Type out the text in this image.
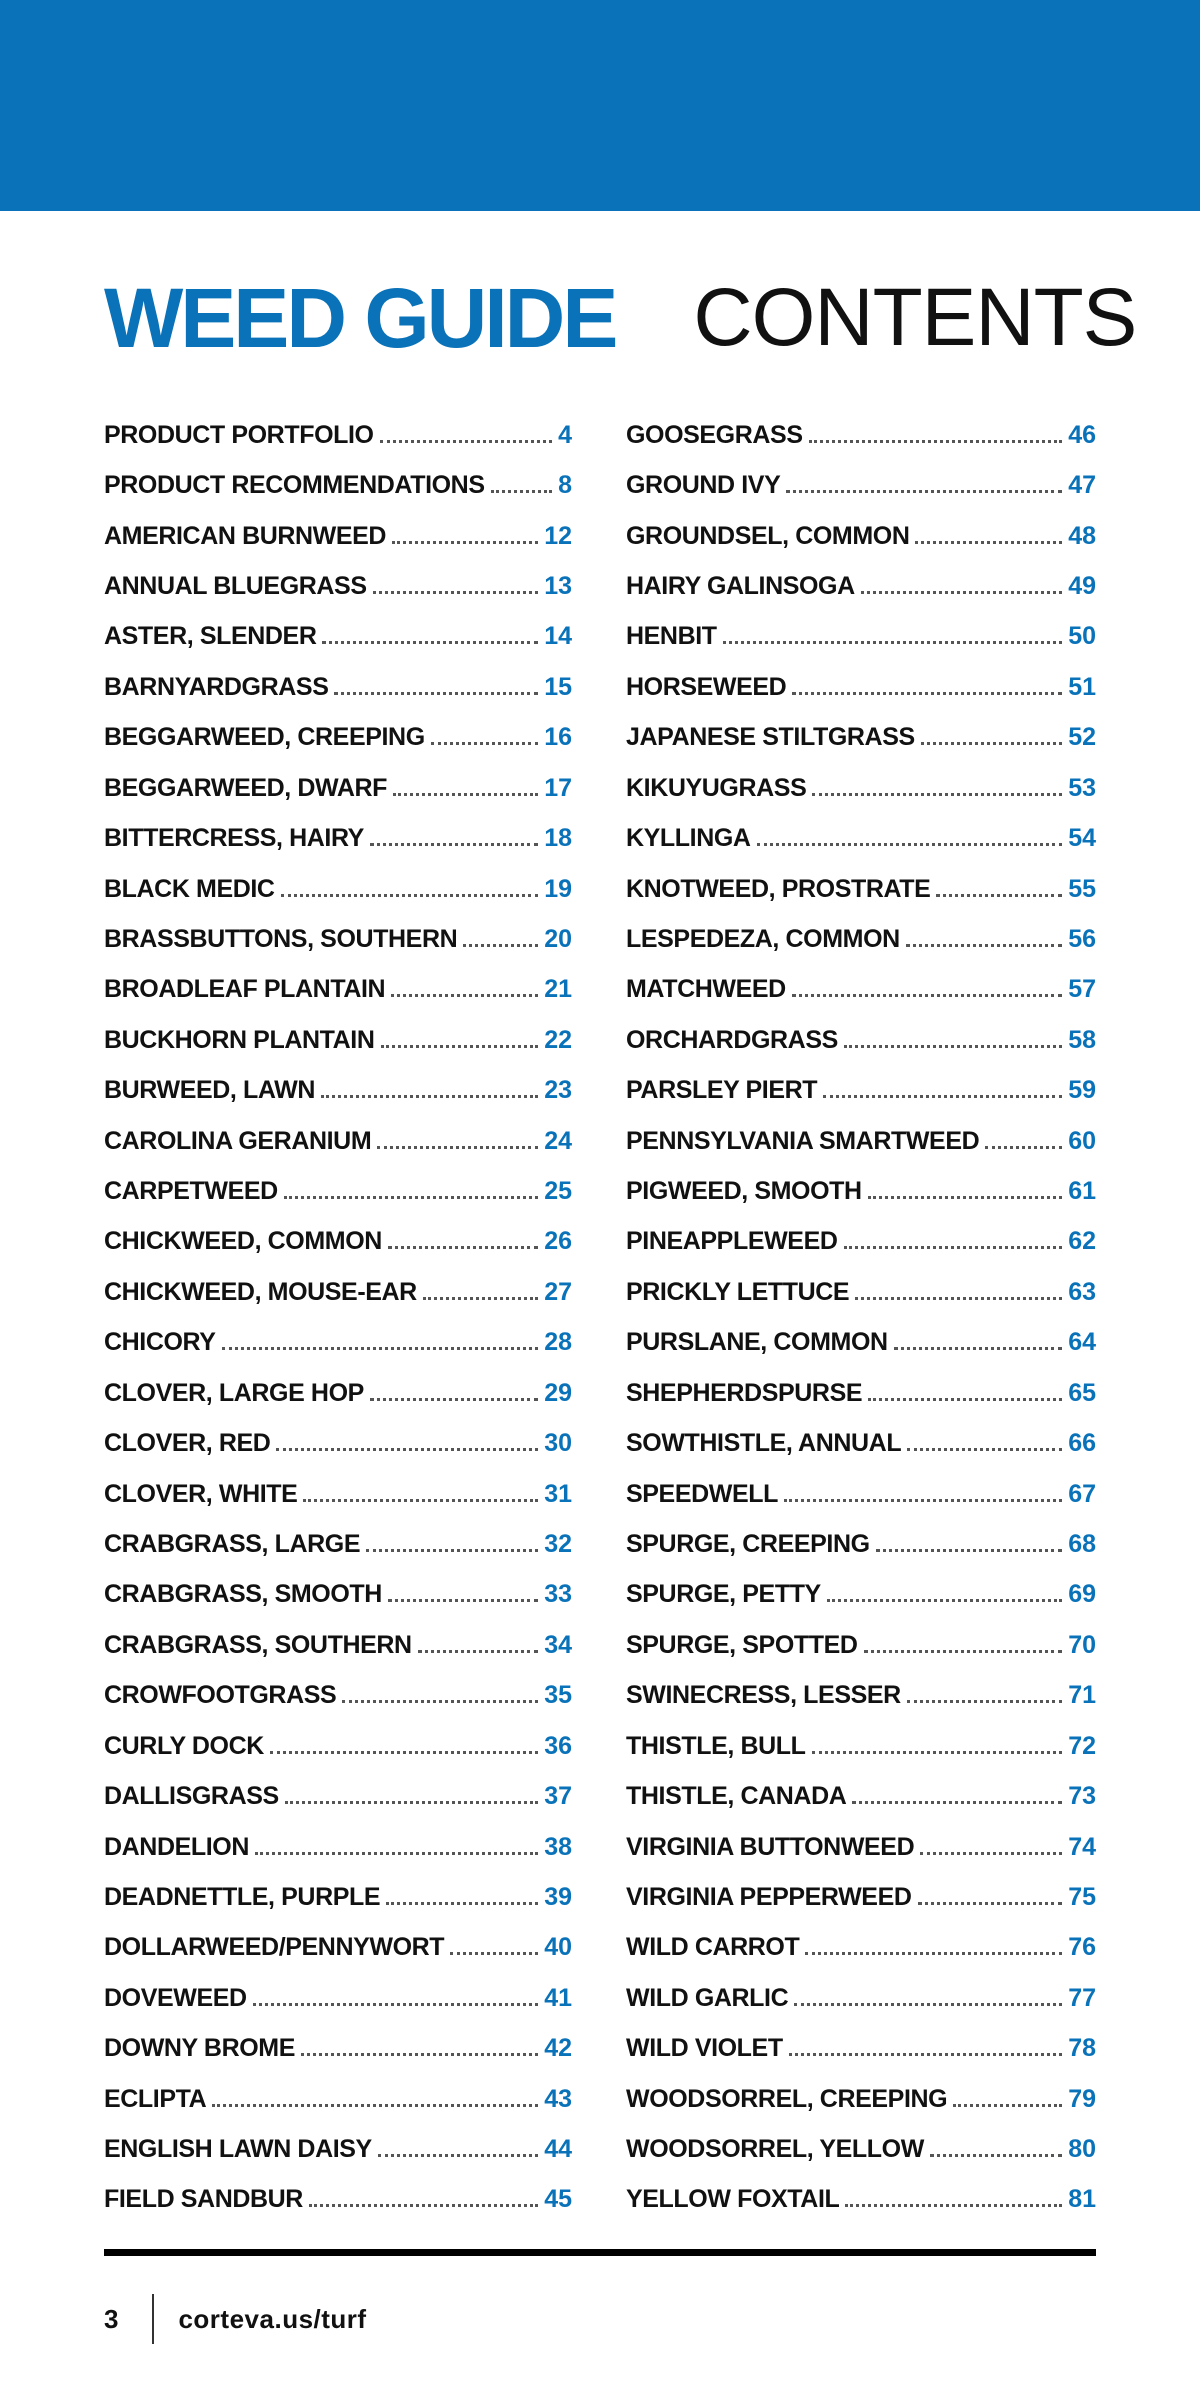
WEED GUIDE CONTENTS
PRODUCT PORTFOLIO	4
PRODUCT RECOMMENDATIONS	8
AMERICAN BURNWEED	12
ANNUAL BLUEGRASS	13
ASTER, SLENDER	14
BARNYARDGRASS	15
BEGGARWEED, CREEPING	16
BEGGARWEED, DWARF	17
BITTERCRESS, HAIRY	18
BLACK MEDIC	19
BRASSBUTTONS, SOUTHERN	20
BROADLEAF PLANTAIN	21
BUCKHORN PLANTAIN	22
BURWEED, LAWN	23
CAROLINA GERANIUM	24
CARPETWEED	25
CHICKWEED, COMMON	26
CHICKWEED, MOUSE-EAR	27
CHICORY	28
CLOVER, LARGE HOP	29
CLOVER, RED	30
CLOVER, WHITE	31
CRABGRASS, LARGE	32
CRABGRASS, SMOOTH	33
CRABGRASS, SOUTHERN	34
CROWFOOTGRASS	35
CURLY DOCK	36
DALLISGRASS	37
DANDELION	38
DEADNETTLE, PURPLE	39
DOLLARWEED/PENNYWORT	40
DOVEWEED	41
DOWNY BROME	42
ECLIPTA	43
ENGLISH LAWN DAISY	44
FIELD SANDBUR	45
GOOSEGRASS	46
GROUND IVY	47
GROUNDSEL, COMMON	48
HAIRY GALINSOGA	49
HENBIT	50
HORSEWEED	51
JAPANESE STILTGRASS	52
KIKUYUGRASS	53
KYLLINGA	54
KNOTWEED, PROSTRATE	55
LESPEDEZA, COMMON	56
MATCHWEED	57
ORCHARDGRASS	58
PARSLEY PIERT	59
PENNSYLVANIA SMARTWEED	60
PIGWEED, SMOOTH	61
PINEAPPLEWEED	62
PRICKLY LETTUCE	63
PURSLANE, COMMON	64
SHEPHERDSPURSE	65
SOWTHISTLE, ANNUAL	66
SPEEDWELL	67
SPURGE, CREEPING	68
SPURGE, PETTY	69
SPURGE, SPOTTED	70
SWINECRESS, LESSER	71
THISTLE, BULL	72
THISTLE, CANADA	73
VIRGINIA BUTTONWEED	74
VIRGINIA PEPPERWEED	75
WILD CARROT	76
WILD GARLIC	77
WILD VIOLET	78
WOODSORREL, CREEPING	79
WOODSORREL, YELLOW	80
YELLOW FOXTAIL	81
3 corteva.us/turf
